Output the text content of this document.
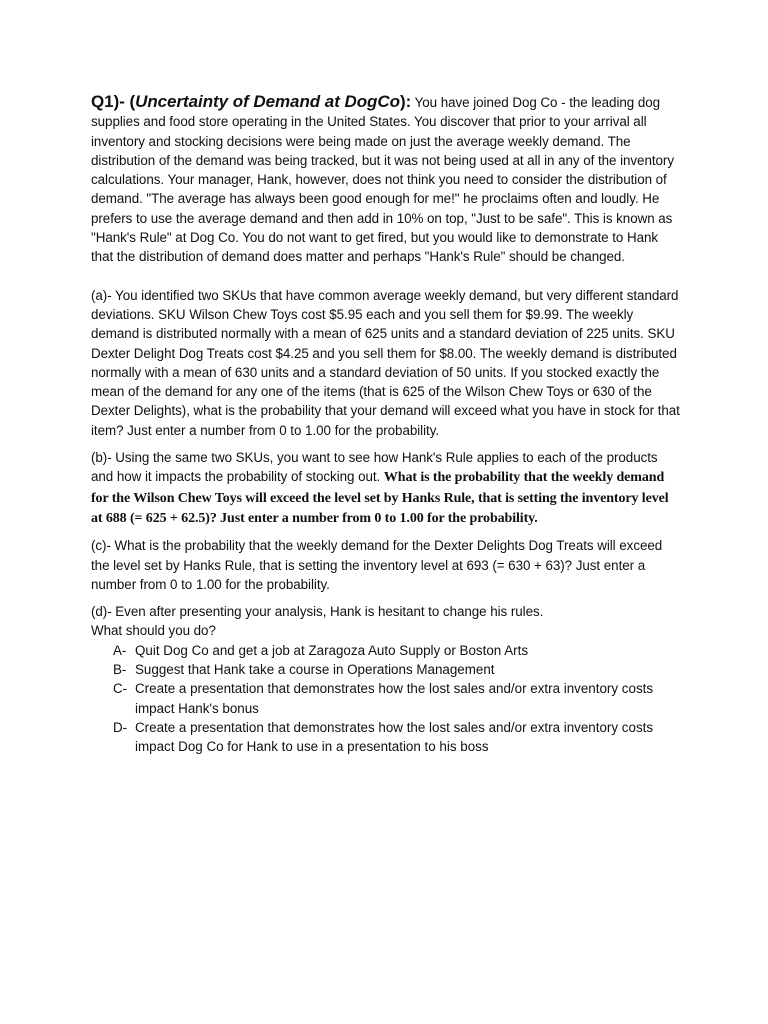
Q1)- (Uncertainty of Demand at DogCo): You have joined Dog Co - the leading dog supplies and food store operating in the United States. You discover that prior to your arrival all inventory and stocking decisions were being made on just the average weekly demand. The distribution of the demand was being tracked, but it was not being used at all in any of the inventory calculations. Your manager, Hank, however, does not think you need to consider the distribution of demand. "The average has always been good enough for me!" he proclaims often and loudly. He prefers to use the average demand and then add in 10% on top, "Just to be safe". This is known as "Hank's Rule" at Dog Co. You do not want to get fired, but you would like to demonstrate to Hank that the distribution of demand does matter and perhaps "Hank's Rule" should be changed.

(a)- You identified two SKUs that have common average weekly demand, but very different standard deviations. SKU Wilson Chew Toys cost $5.95 each and you sell them for $9.99. The weekly demand is distributed normally with a mean of 625 units and a standard deviation of 225 units. SKU Dexter Delight Dog Treats cost $4.25 and you sell them for $8.00. The weekly demand is distributed normally with a mean of 630 units and a standard deviation of 50 units. If you stocked exactly the mean of the demand for any one of the items (that is 625 of the Wilson Chew Toys or 630 of the Dexter Delights), what is the probability that your demand will exceed what you have in stock for that item? Just enter a number from 0 to 1.00 for the probability.

(b)- Using the same two SKUs, you want to see how Hank's Rule applies to each of the products and how it impacts the probability of stocking out. What is the probability that the weekly demand for the Wilson Chew Toys will exceed the level set by Hanks Rule, that is setting the inventory level at 688 (= 625 + 62.5)? Just enter a number from 0 to 1.00 for the probability.

(c)- What is the probability that the weekly demand for the Dexter Delights Dog Treats will exceed the level set by Hanks Rule, that is setting the inventory level at 693 (= 630 + 63)? Just enter a number from 0 to 1.00 for the probability.

(d)- Even after presenting your analysis, Hank is hesitant to change his rules.

What should you do?

A- Quit Dog Co and get a job at Zaragoza Auto Supply or Boston Arts
B- Suggest that Hank take a course in Operations Management
C- Create a presentation that demonstrates how the lost sales and/or extra inventory costs impact Hank's bonus
D- Create a presentation that demonstrates how the lost sales and/or extra inventory costs impact Dog Co for Hank to use in a presentation to his boss
